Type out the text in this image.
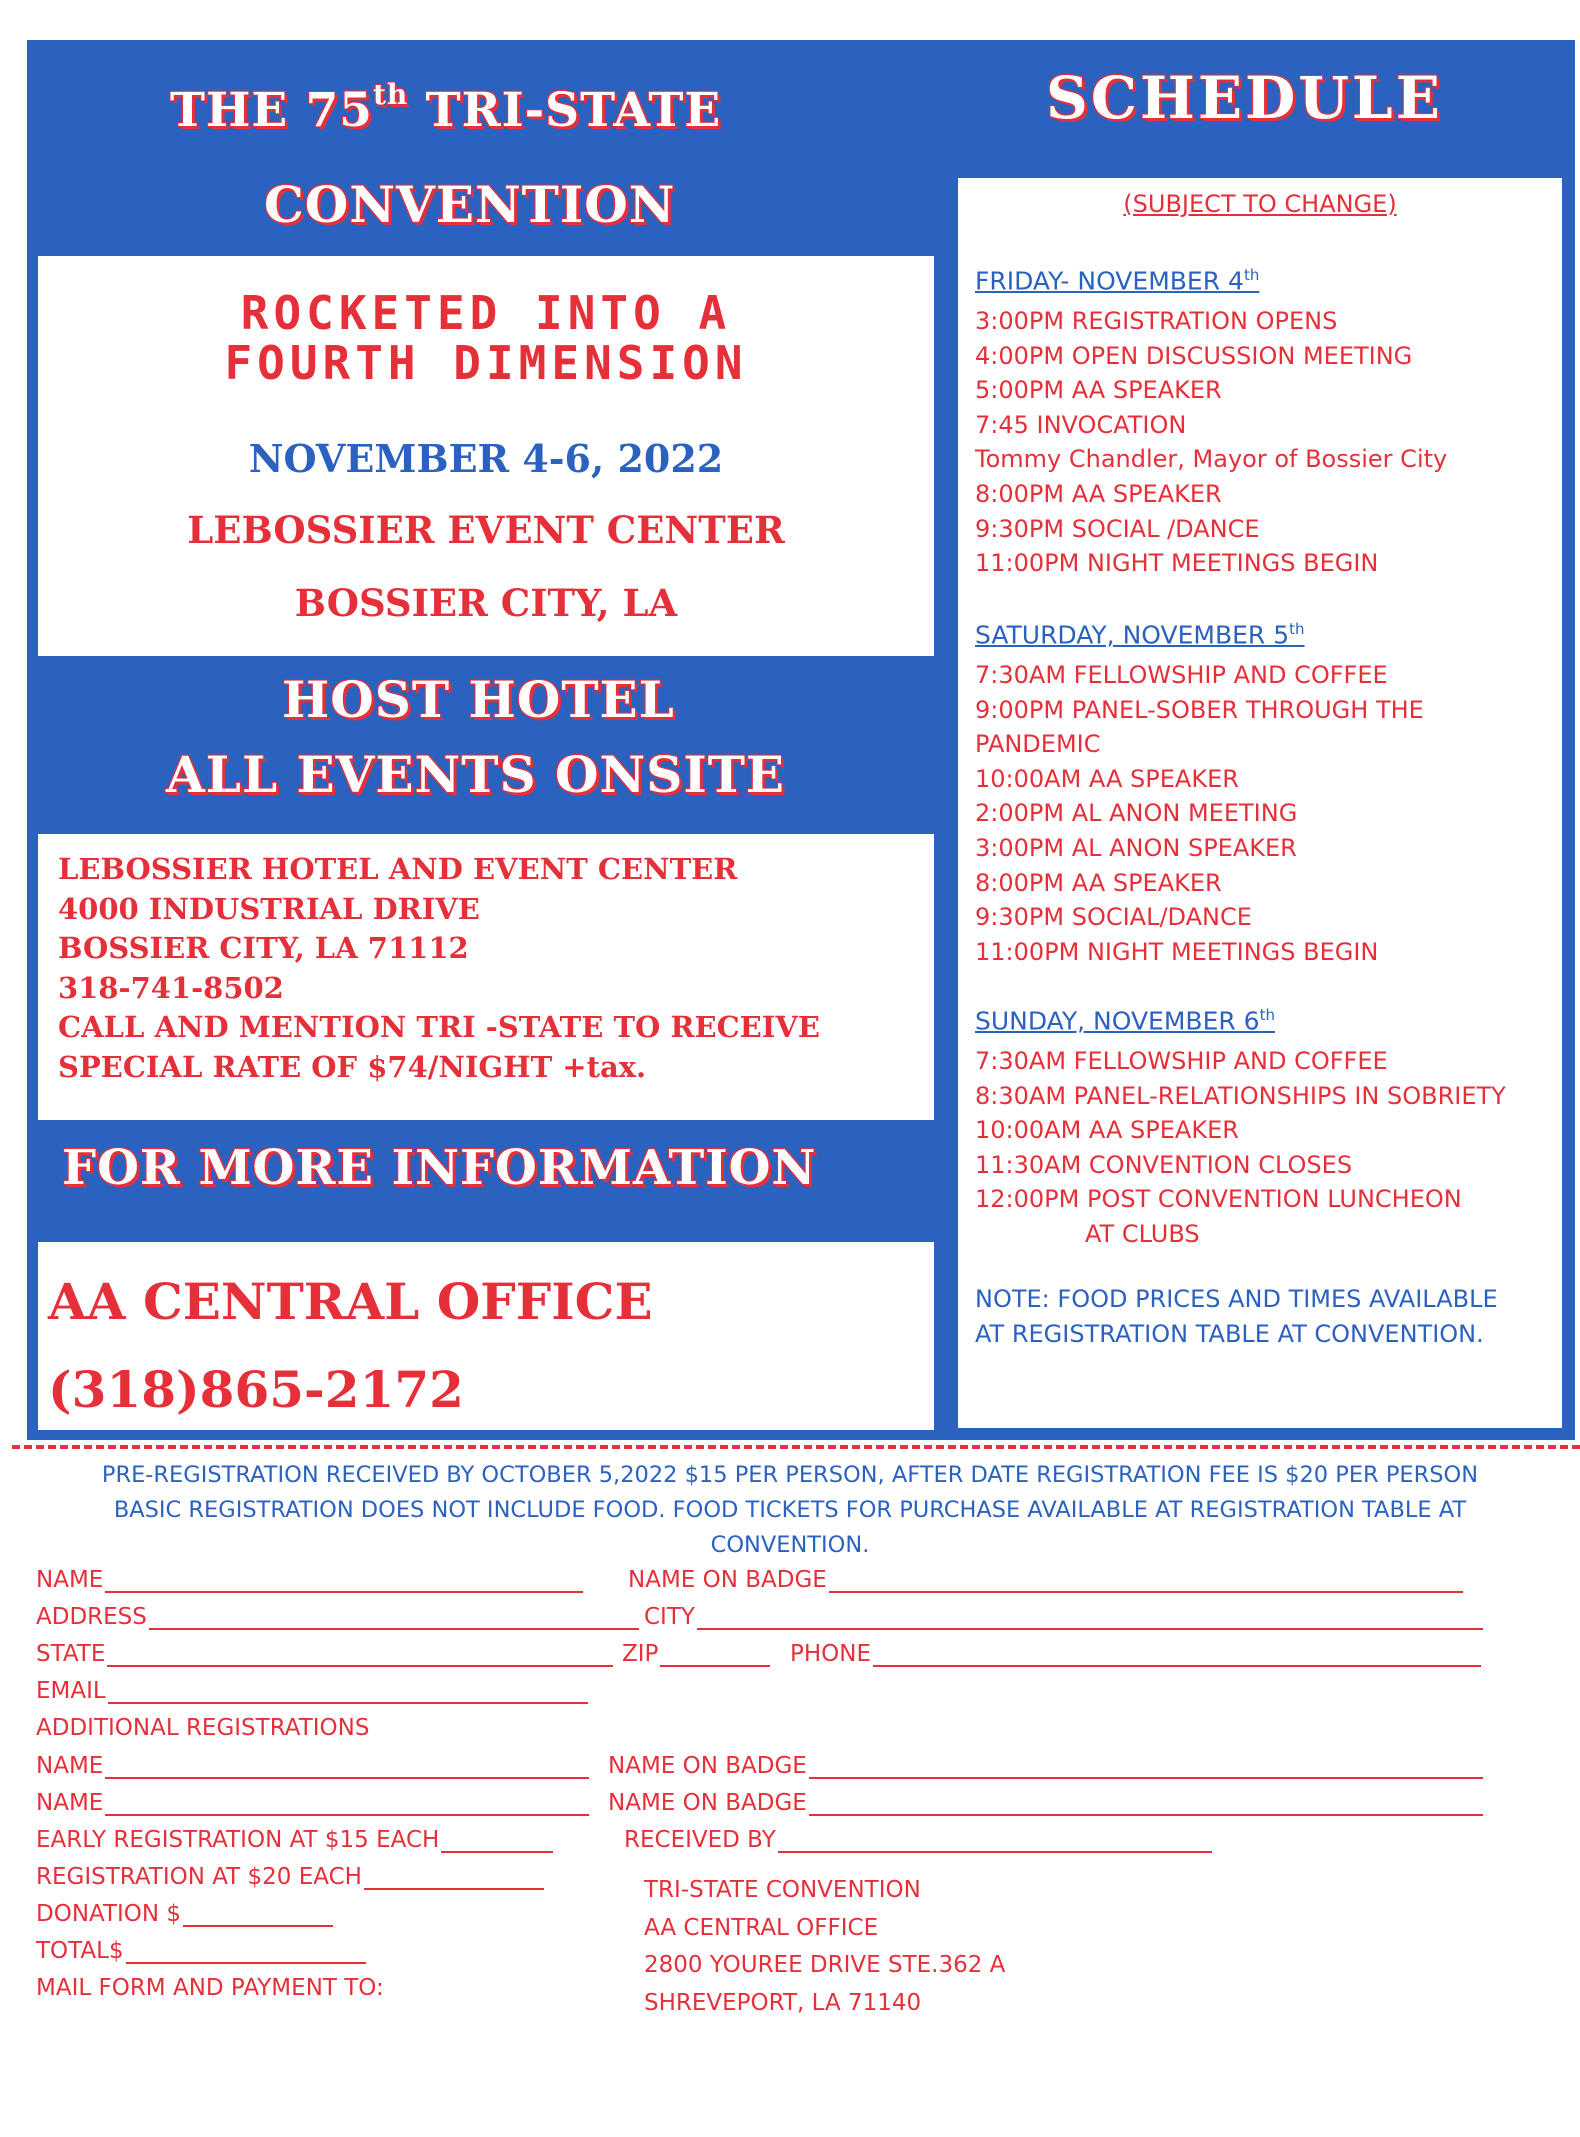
THE 75th TRI-STATE
CONVENTION
ROCKETED INTO A
FOURTH DIMENSION
NOVEMBER 4-6, 2022
LEBOSSIER EVENT CENTER
BOSSIER CITY, LA
HOST HOTEL
ALL EVENTS ONSITE
LEBOSSIER HOTEL AND EVENT CENTER
4000 INDUSTRIAL DRIVE
BOSSIER CITY, LA 71112
318-741-8502
CALL AND MENTION TRI -STATE TO RECEIVE
SPECIAL RATE OF $74/NIGHT +tax.
FOR MORE INFORMATION
AA CENTRAL OFFICE
(318)865-2172
SCHEDULE
(SUBJECT TO CHANGE)
FRIDAY- NOVEMBER 4th
3:00PM REGISTRATION OPENS
4:00PM OPEN DISCUSSION MEETING
5:00PM AA SPEAKER
7:45 INVOCATION
Tommy Chandler, Mayor of Bossier City
8:00PM AA SPEAKER
9:30PM SOCIAL /DANCE
11:00PM NIGHT MEETINGS BEGIN
SATURDAY, NOVEMBER 5th
7:30AM FELLOWSHIP AND COFFEE
9:00PM PANEL-SOBER THROUGH THE
PANDEMIC
10:00AM AA SPEAKER
2:00PM AL ANON MEETING
3:00PM AL ANON SPEAKER
8:00PM AA SPEAKER
9:30PM SOCIAL/DANCE
11:00PM NIGHT MEETINGS BEGIN
SUNDAY, NOVEMBER 6th
7:30AM FELLOWSHIP AND COFFEE
8:30AM PANEL-RELATIONSHIPS IN SOBRIETY
10:00AM AA SPEAKER
11:30AM CONVENTION CLOSES
12:00PM POST CONVENTION LUNCHEON
AT CLUBS
NOTE: FOOD PRICES AND TIMES AVAILABLE
AT REGISTRATION TABLE AT CONVENTION.
PRE-REGISTRATION RECEIVED BY OCTOBER 5,2022 $15 PER PERSON, AFTER DATE REGISTRATION FEE IS $20 PER PERSON
BASIC REGISTRATION DOES NOT INCLUDE FOOD. FOOD TICKETS FOR PURCHASE AVAILABLE AT REGISTRATION TABLE AT
CONVENTION.
NAME	NAME ON BADGE
ADDRESS	CITY
STATE	ZIP	PHONE
EMAIL
ADDITIONAL REGISTRATIONS
NAME	NAME ON BADGE
NAME	NAME ON BADGE
EARLY REGISTRATION AT $15 EACH	RECEIVED BY
REGISTRATION AT $20 EACH
DONATION $
TOTAL$
MAIL FORM AND PAYMENT TO:
TRI-STATE CONVENTION
AA CENTRAL OFFICE
2800 YOUREE DRIVE STE.362 A
SHREVEPORT, LA 71140
